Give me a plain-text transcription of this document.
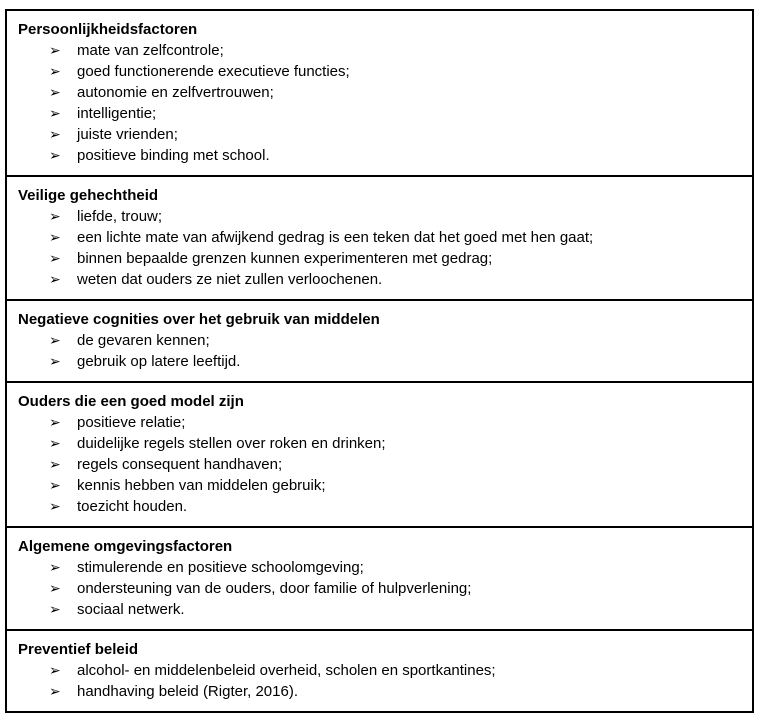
Persoonlijkheidsfactoren
➢	mate van zelfcontrole;
➢	goed functionerende executieve functies;
➢	autonomie en zelfvertrouwen;
➢	intelligentie;
➢	juiste vrienden;
➢	positieve binding met school.
Veilige gehechtheid
➢	liefde, trouw;
➢	een lichte mate van afwijkend gedrag is een teken dat het goed met hen gaat;
➢	binnen bepaalde grenzen kunnen experimenteren met gedrag;
➢	weten dat ouders ze niet zullen verloochenen.
Negatieve cognities over het gebruik van middelen
➢	de gevaren kennen;
➢	gebruik op latere leeftijd.
Ouders die een goed model zijn
➢	positieve relatie;
➢	duidelijke regels stellen over roken en drinken;
➢	regels consequent handhaven;
➢	kennis hebben van middelen gebruik;
➢	toezicht houden.
Algemene omgevingsfactoren
➢	stimulerende en positieve schoolomgeving;
➢	ondersteuning van de ouders, door familie of hulpverlening;
➢	sociaal netwerk.
Preventief beleid
➢	alcohol- en middelenbeleid overheid, scholen en sportkantines;
➢	handhaving beleid (Rigter, 2016).
